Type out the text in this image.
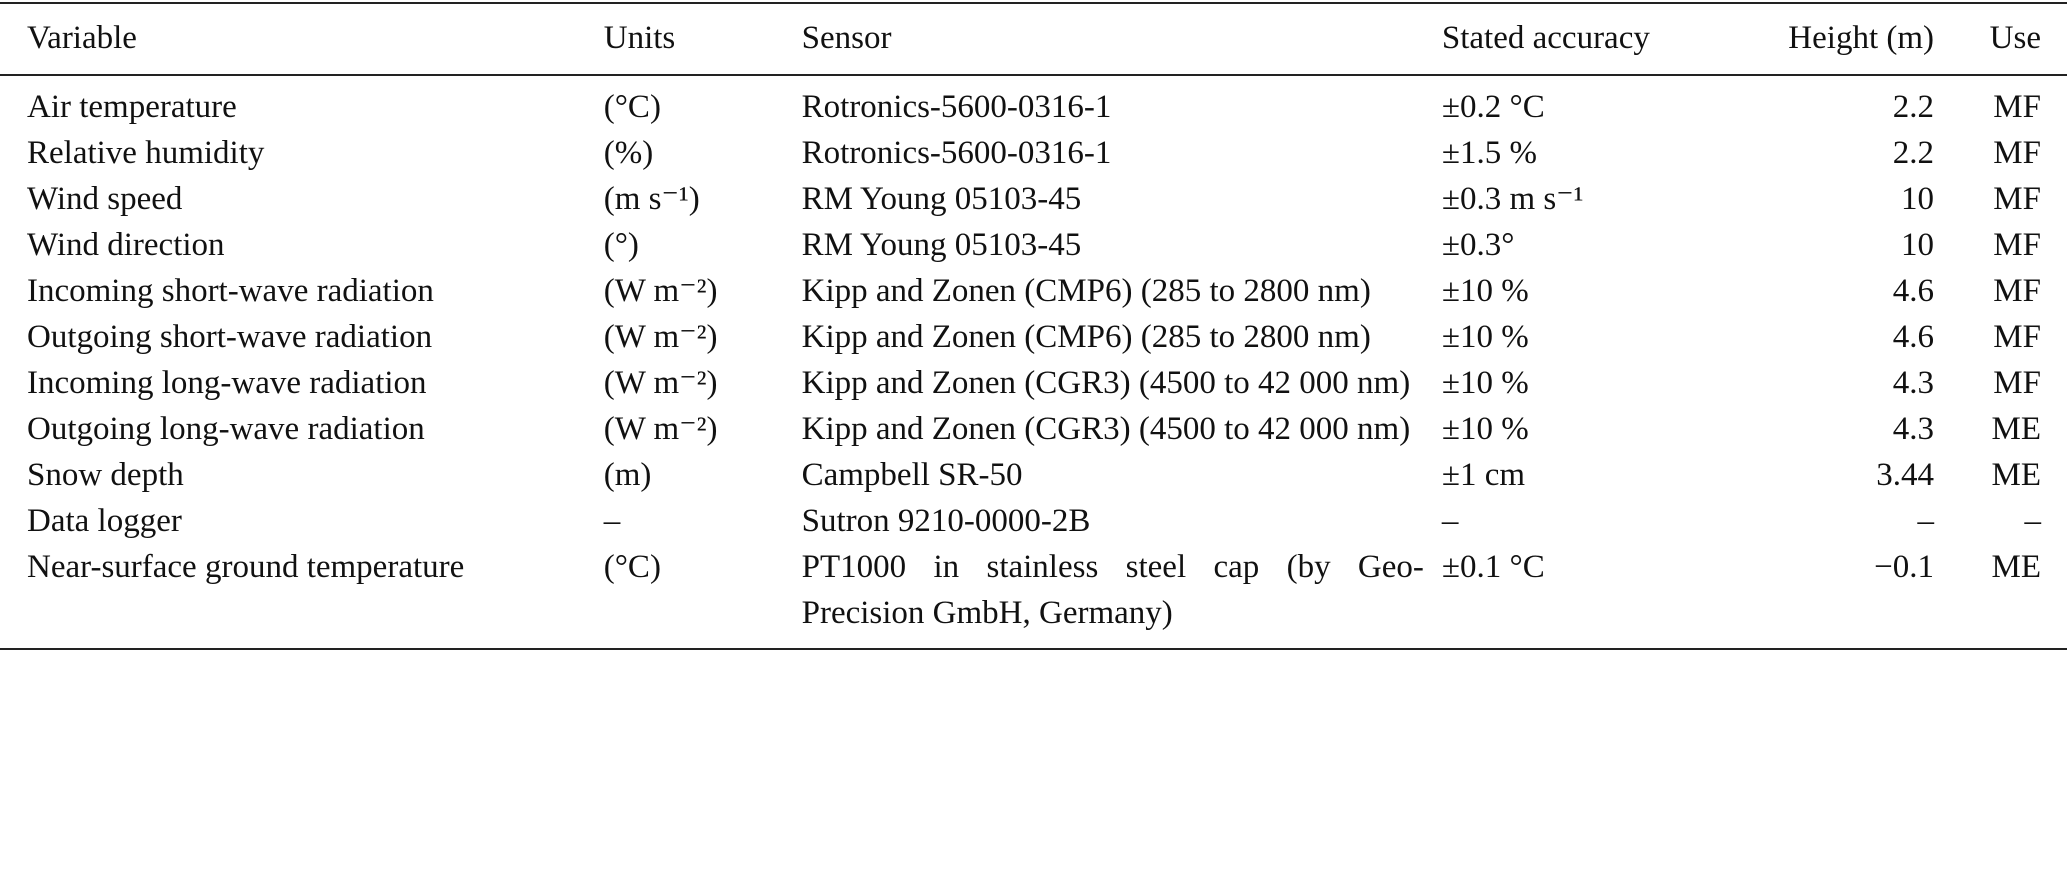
Variable	Units	Sensor	Stated accuracy	Height (m)	Use
Air temperature	(°C)	Rotronics-5600-0316-1	±0.2 °C	2.2	MF
Relative humidity	(%)	Rotronics-5600-0316-1	±1.5 %	2.2	MF
Wind speed	(m s⁻¹)	RM Young 05103-45	±0.3 m s⁻¹	10	MF
Wind direction	(°)	RM Young 05103-45	±0.3°	10	MF
Incoming short-wave radiation	(W m⁻²)	Kipp and Zonen (CMP6) (285 to 2800 nm)	±10 %	4.6	MF
Outgoing short-wave radiation	(W m⁻²)	Kipp and Zonen (CMP6) (285 to 2800 nm)	±10 %	4.6	MF
Incoming long-wave radiation	(W m⁻²)	Kipp and Zonen (CGR3) (4500 to 42 000 nm)	±10 %	4.3	MF
Outgoing long-wave radiation	(W m⁻²)	Kipp and Zonen (CGR3) (4500 to 42 000 nm)	±10 %	4.3	ME
Snow depth	(m)	Campbell SR-50	±1 cm	3.44	ME
Data logger	–	Sutron 9210-0000-2B	–	–	–
Near-surface ground temperature	(°C)	PT1000 in stainless steel cap (by Geo-Precision GmbH, Germany)	±0.1 °C	−0.1	ME
